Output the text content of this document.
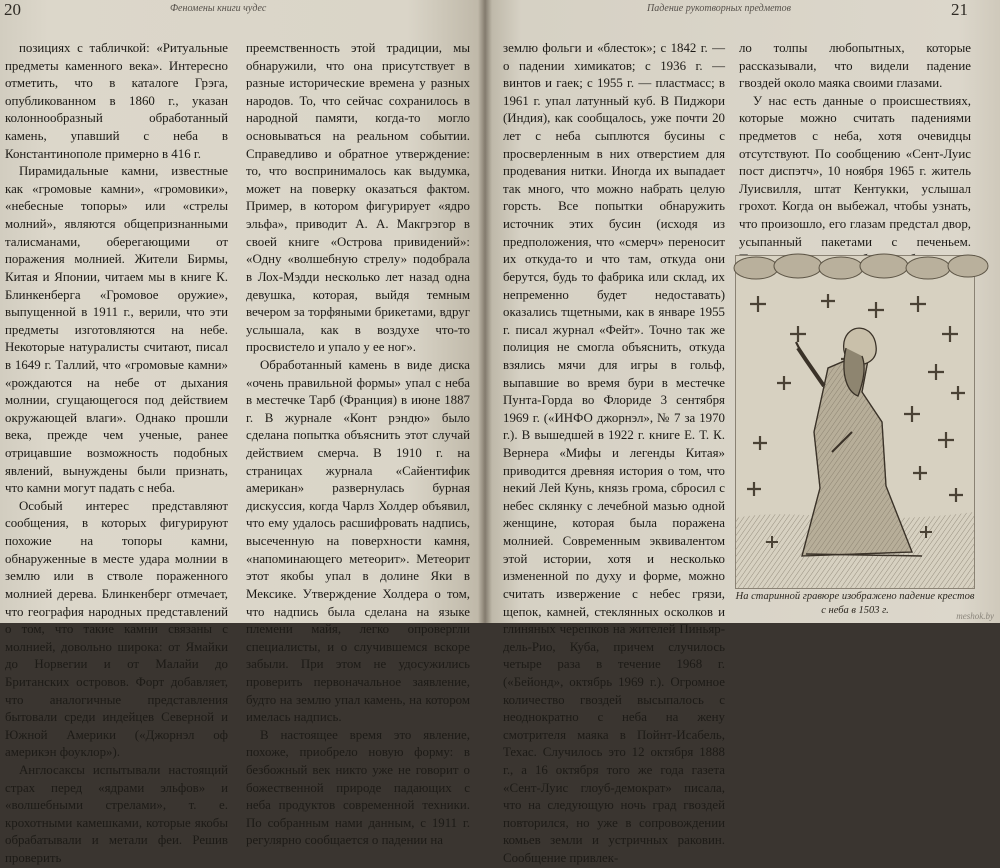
20	Феномены книги чудес

позициях с табличкой: «Ритуальные предметы каменного века». Интересно отметить, что в каталоге Грэга, опубликованном в 1860 г., указан колоннообразный обработанный камень, упавший с неба в Константинополе примерно в 416 г.

Пирамидальные камни, известные как «громовые камни», «громовики», «небесные топоры» или «стрелы молний», являются общепризнанными талисманами, оберегающими от поражения молнией. Жители Бирмы, Китая и Японии, читаем мы в книге К. Блинкенберга «Громовое оружие», выпущенной в 1911 г., верили, что эти предметы изготовляются на небе. Некоторые натуралисты считают, писал в 1649 г. Таллий, что «громовые камни» «рождаются на небе от дыхания молнии, сгущающегося под действием окружающей влаги». Однако прошли века, прежде чем ученые, ранее отрицавшие возможность подобных явлений, вынуждены были признать, что камни могут падать с неба.

Особый интерес представляют сообщения, в которых фигурируют похожие на топоры камни, обнаруженные в месте удара молнии в землю или в стволе пораженного молнией дерева. Блинкенберг отмечает, что география народных представлений о том, что такие камни связаны с молнией, довольно широка: от Ямайки до Норвегии и от Малайи до Британских островов. Форт добавляет, что аналогичные представления бытовали среди индейцев Северной и Южной Америки («Джорнэл оф америкэн фоуклор»).

Англосаксы испытывали настоящий страх перед «ядрами эльфов» и «волшебными стрелами», т. е. крохотными камешками, которые якобы обрабатывали и метали феи. Решив проверить

преемственность этой традиции, мы обнаружили, что она присутствует в разные исторические времена у разных народов. То, что сейчас сохранилось в народной памяти, когда-то могло основываться на реальном событии. Справедливо и обратное утверждение: то, что воспринималось как выдумка, может на поверку оказаться фактом. Пример, в котором фигурирует «ядро эльфа», приводит А. А. Макгрэгор в своей книге «Острова привидений»: «Одну «волшебную стрелу» подобрала в Лох-Мэдди несколько лет назад одна девушка, которая, выйдя темным вечером за торфяными брикетами, вдруг услышала, как в воздухе что-то просвистело и упало у ее ног».

Обработанный камень в виде диска «очень правильной формы» упал с неба в местечке Тарб (Франция) в июне 1887 г. В журнале «Конт рэндю» было сделана попытка объяснить этот случай действием смерча. В 1910 г. на страницах журнала «Сайентифик американ» развернулась бурная дискуссия, когда Чарлз Холдер объявил, что ему удалось расшифровать надпись, высеченную на поверхности камня, «напоминающего метеорит». Метеорит этот якобы упал в долине Яки в Мексике. Утверждение Холдера о том, что надпись была сделана на языке племени майя, легко опровергли специалисты, и о случившемся вскоре забыли. При этом не удосужились проверить первоначальное заявление, будто на землю упал камень, на котором имелась надпись.

В настоящее время это явление, похоже, приобрело новую форму: в безбожный век никто уже не говорит о божественной природе падающих с неба продуктов современной техники. По собранным нами данным, с 1911 г. регулярно сообщается о падении на

Падение рукотворных предметов	21

землю фольги и «блесток»; с 1842 г. — о падении химикатов; с 1936 г. — винтов и гаек; с 1955 г. — пластмасс; в 1961 г. упал латунный куб. В Пиджори (Индия), как сообщалось, уже почти 20 лет с неба сыплются бусины с просверленным в них отверстием для продевания нитки. Иногда их выпадает так много, что можно набрать целую горсть. Все попытки обнаружить источник этих бусин (исходя из предположения, что «смерч» переносит их откуда-то и что там, откуда они берутся, будь то фабрика или склад, их непременно будет недоставать) оказались тщетными, как в январе 1955 г. писал журнал «Фейт». Точно так же полиция не смогла объяснить, откуда взялись мячи для игры в гольф, выпавшие во время бури в местечке Пунта-Горда во Флориде 3 сентября 1969 г. («ИНФО джорнэл», № 7 за 1970 г.). В вышедшей в 1922 г. книге Е. Т. К. Вернера «Мифы и легенды Китая» приводится древняя история о том, что некий Лей Кунь, князь грома, сбросил с небес склянку с лечебной мазью одной женщине, которая была поражена молнией. Современным эквивалентом этой истории, хотя и несколько измененной по духу и форме, можно считать извержение с небес грязи, щепок, камней, стеклянных осколков и глиняных черепков на жителей Пиньяр-дель-Рио, Куба, причем случилось четыре раза в течение 1968 г. («Бейонд», октябрь 1969 г.). Огромное количество гвоздей высыпалось с неоднократно с неба на жену смотрителя маяка в Пойнт-Исабель, Техас. Случилось это 12 октября 1888 г., а 16 октября того же года газета «Сент-Луис глоуб-демократ» писала, что на следующую ночь град гвоздей повторился, но уже в сопровождении комьев земли и устричных раковин. Сообщение привлек-

ло толпы любопытных, которые рассказывали, что видели падение гвоздей около маяка своими глазами.

У нас есть данные о происшествиях, которые можно считать падениями предметов с неба, хотя очевидцы отсутствуют. По сообщению «Сент-Луис пост диспэтч», 10 ноября 1965 г. житель Луисвилля, штат Кентукки, услышал грохот. Когда он выбежал, чтобы узнать, что произошло, его глазам предстал двор, усыпанный пакетами с печеньем.

На старинной гравюре изображено падение крестов с неба в 1503 г.
meshok.by
